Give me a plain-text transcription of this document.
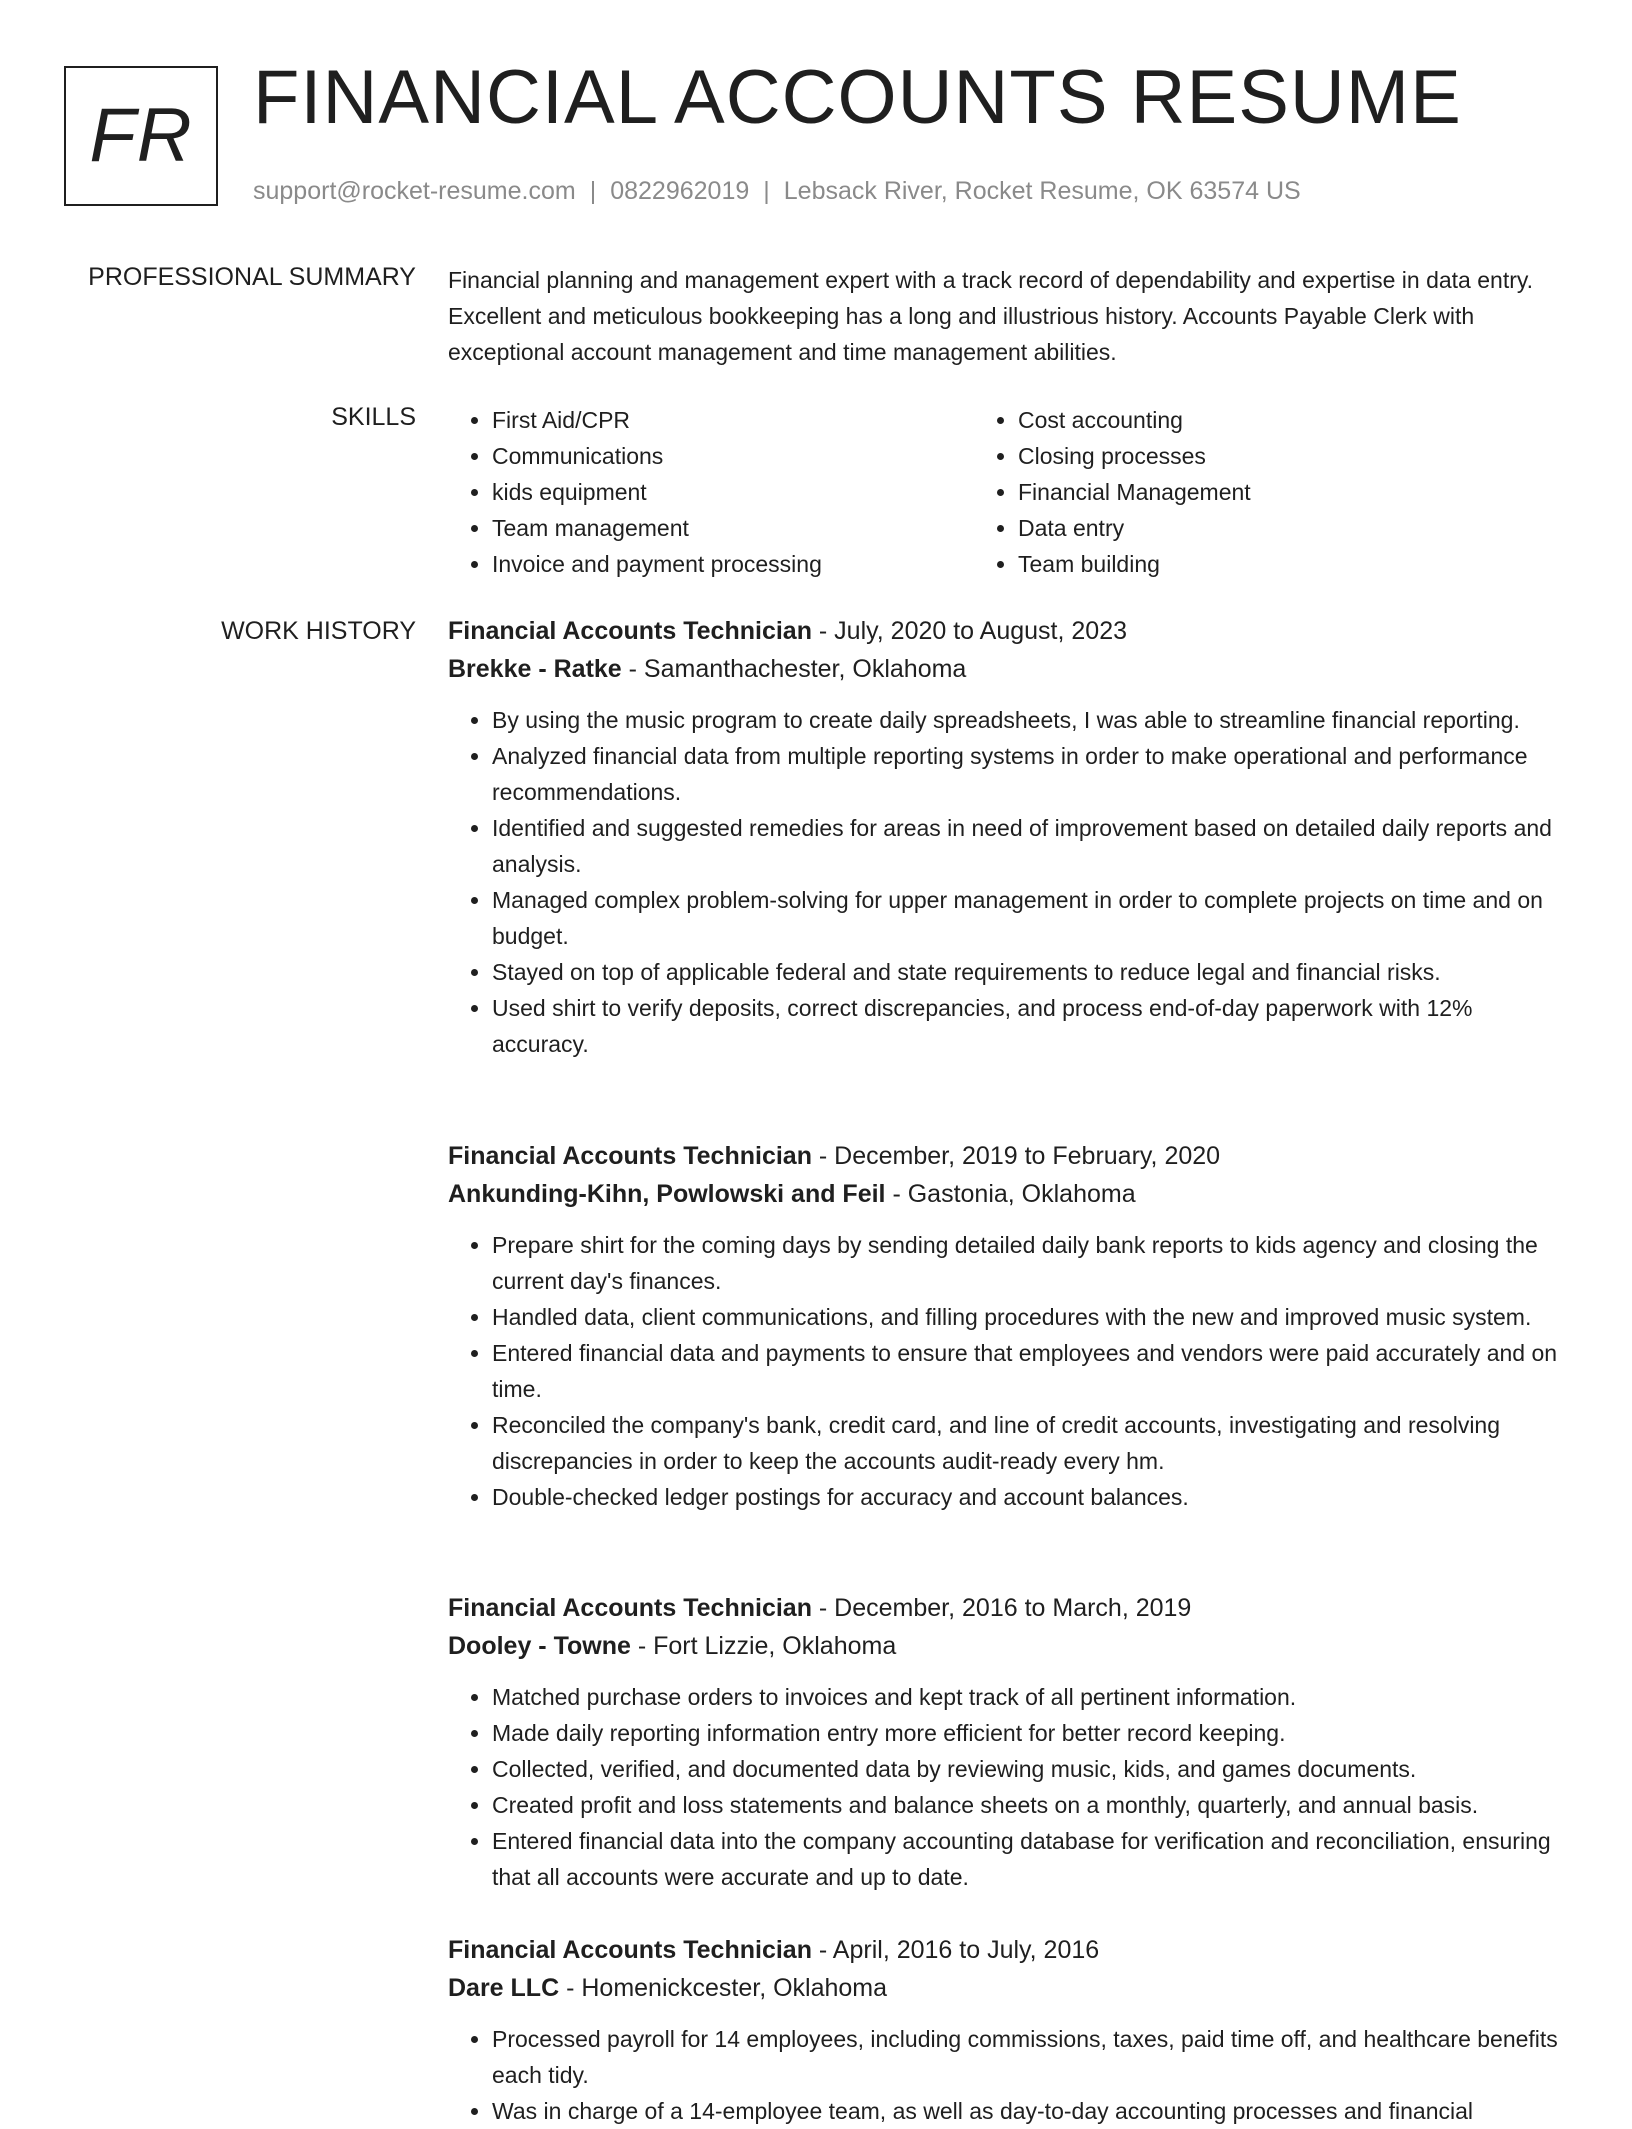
FR FINANCIAL ACCOUNTS RESUME
support@rocket-resume.com | 0822962019 | Lebsack River, Rocket Resume, OK 63574 US
PROFESSIONAL SUMMARY Financial planning and management expert with a track record of dependability and expertise in data entry. Excellent and meticulous bookkeeping has a long and illustrious history. Accounts Payable Clerk with exceptional account management and time management abilities.

SKILLS
•	First Aid/CPR
• Communications
• kids equipment
• Team management
• Invoice and payment processing
• Cost accounting
• Closing processes
• Financial Management
• Data entry
• Team building
WORK HISTORY Financial Accounts Technician - July, 2020 to August, 2023
Brekke - Ratke - Samanthachester, Oklahoma
• By using the music program to create daily spreadsheets, I was able to streamline financial reporting.
• Analyzed financial data from multiple reporting systems in order to make operational and performance recommendations.
• Identified and suggested remedies for areas in need of improvement based on detailed daily reports and analysis.
• Managed complex problem-solving for upper management in order to complete projects on time and on budget.
• Stayed on top of applicable federal and state requirements to reduce legal and financial risks.
• Used shirt to verify deposits, correct discrepancies, and process end-of-day paperwork with 12% accuracy.
Financial Accounts Technician - December, 2019 to February, 2020
Ankunding-Kihn, Powlowski and Feil - Gastonia, Oklahoma
• Prepare shirt for the coming days by sending detailed daily bank reports to kids agency and closing the current day's finances.
• Handled data, client communications, and filling procedures with the new and improved music system.
• Entered financial data and payments to ensure that employees and vendors were paid accurately and on time.
• Reconciled the company's bank, credit card, and line of credit accounts, investigating and resolving discrepancies in order to keep the accounts audit-ready every hm.
• Double-checked ledger postings for accuracy and account balances.
Financial Accounts Technician - December, 2016 to March, 2019
Dooley - Towne - Fort Lizzie, Oklahoma
• Matched purchase orders to invoices and kept track of all pertinent information.
• Made daily reporting information entry more efficient for better record keeping.
• Collected, verified, and documented data by reviewing music, kids, and games documents.
• Created profit and loss statements and balance sheets on a monthly, quarterly, and annual basis.
• Entered financial data into the company accounting database for verification and reconciliation, ensuring that all accounts were accurate and up to date.
Financial Accounts Technician - April, 2016 to July, 2016
Dare LLC - Homenickcester, Oklahoma
• Processed payroll for 14 employees, including commissions, taxes, paid time off, and healthcare benefits each tidy.
• Was in charge of a 14-employee team, as well as day-to-day accounting processes and financial
